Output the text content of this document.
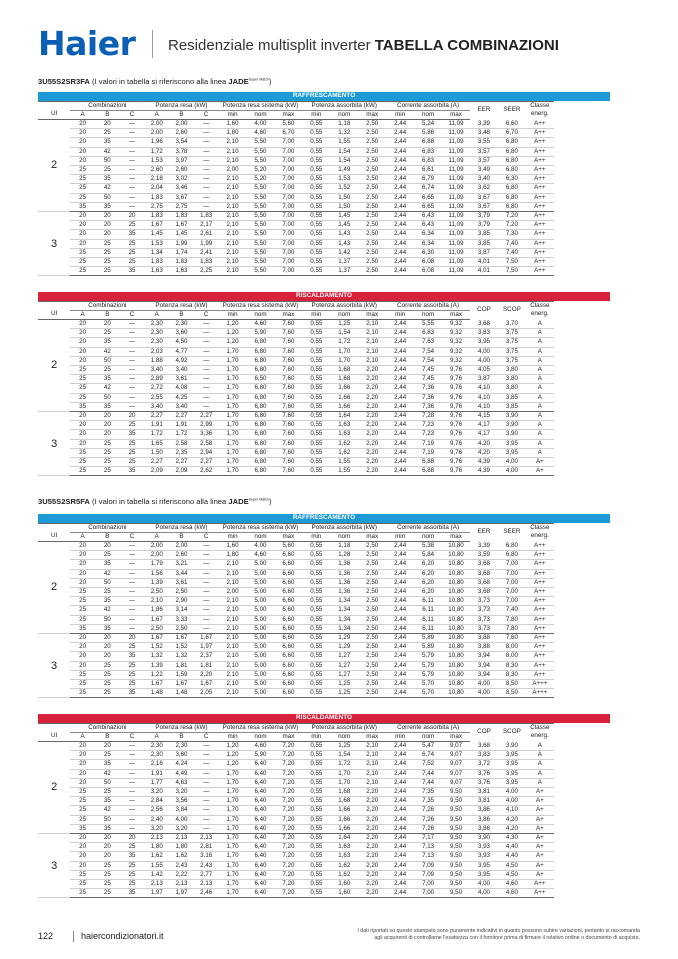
Haier Residenziale multisplit inverter TABELLA COMBINAZIONI
3U55S2SR3FA (I valori in tabella si riferiscono alla linea $JADE^{Super Match}$)
RAFFRESCAMENTO																		
	Combinazioni			Potenza resa (kW)			Potenza resa sistema (kW)			Potenza assorbita (kW)			Corrente assorbita (A)			EER	SEER	Classe
energ.

UI	A	B	C	A	B	C	min	nom	max	min	nom	max	min	nom	max			
2	20	20	—	2,00	2,00	—	1,60	4,00	5,60	0,55	1,18	2,50	2,44	5,24	11,09	3,39	6,60	A++
	20	25	—	2,00	2,60	—	1,80	4,60	6,70	0,55	1,32	2,50	2,44	5,86	11,09	3,48	6,70	A++
	20	35	—	1,96	3,54	—	2,10	5,50	7,00	0,55	1,55	2,50	2,44	6,88	11,09	3,55	6,80	A++
	20	42	—	1,72	3,78	—	2,10	5,50	7,00	0,55	1,54	2,50	2,44	6,83	11,09	3,57	6,80	A++
	20	50	—	1,53	3,97	—	2,10	5,50	7,00	0,55	1,54	2,50	2,44	6,83	11,09	3,57	6,80	A++
	25	25	—	2,60	2,60	—	2,00	5,20	7,00	0,55	1,49	2,50	2,44	6,61	11,09	3,49	6,80	A++
	25	35	—	2,18	3,02	—	2,10	5,20	7,00	0,55	1,53	2,50	2,44	6,79	11,09	3,40	6,30	A++
	25	42	—	2,04	3,46	—	2,10	5,50	7,00	0,55	1,52	2,50	2,44	6,74	11,09	3,62	6,80	A++
	25	50	—	1,83	3,67	—	2,10	5,50	7,00	0,55	1,50	2,50	2,44	6,65	11,09	3,67	6,80	A++
	35	35	—	2,75	2,75	—	2,10	5,50	7,00	0,55	1,50	2,50	2,44	6,65	11,09	3,67	6,80	A++
3	20	20	20	1,83	1,83	1,83	2,10	5,50	7,00	0,55	1,45	2,50	2,44	6,43	11,09	3,79	7,20	A++
	20	20	25	1,67	1,67	2,17	2,10	5,50	7,00	0,55	1,45	2,50	2,44	6,43	11,09	3,79	7,20	A++
	20	20	35	1,45	1,45	2,61	2,10	5,50	7,00	0,55	1,43	2,50	2,44	6,34	11,09	3,85	7,30	A++
	20	25	25	1,53	1,99	1,99	2,10	5,50	7,00	0,55	1,43	2,50	2,44	6,34	11,09	3,85	7,40	A++
	25	25	25	1,34	1,74	2,41	2,10	5,50	7,00	0,55	1,42	2,50	2,44	6,30	11,09	3,87	7,40	A++
	25	25	25	1,83	1,83	1,83	2,10	5,50	7,00	0,55	1,37	2,50	2,44	6,08	11,09	4,01	7,50	A++
	25	25	35	1,63	1,63	2,25	2,10	5,50	7,00	0,55	1,37	2,50	2,44	6,08	11,09	4,01	7,50	A++
RISCALDAMENTO																		
	Combinazioni			Potenza resa (kW)			Potenza resa sistema (kW)			Potenza assorbita (kW)			Corrente assorbita (A)			COP	SCOP	Classe
energ.

UI	A	B	C	A	B	C	min	nom	max	min	nom	max	min	nom	max			
2	20	20	—	2,30	2,30	—	1,20	4,60	7,60	0,55	1,25	2,10	2,44	5,55	9,32	3,68	3,70	A
	20	25	—	2,30	3,60	—	1,20	5,90	7,60	0,55	1,54	2,10	2,44	6,83	9,32	3,83	3,75	A
	20	35	—	2,30	4,50	—	1,20	6,80	7,60	0,55	1,72	2,10	2,44	7,63	9,32	3,95	3,75	A
	20	42	—	2,03	4,77	—	1,70	6,80	7,60	0,55	1,70	2,10	2,44	7,54	9,32	4,00	3,75	A
	20	50	—	1,88	4,92	—	1,70	6,80	7,60	0,55	1,70	2,10	2,44	7,54	9,32	4,00	3,75	A
	25	25	—	3,40	3,40	—	1,70	6,80	7,60	0,55	1,68	2,20	2,44	7,45	9,76	4,05	3,80	A
	25	35	—	2,89	3,61	—	1,70	6,50	7,60	0,55	1,68	2,20	2,44	7,45	9,76	3,87	3,80	A
	25	42	—	2,72	4,08	—	1,70	6,80	7,60	0,55	1,66	2,20	2,44	7,36	9,76	4,10	3,80	A
	25	50	—	2,55	4,25	—	1,70	6,80	7,60	0,55	1,66	2,20	2,44	7,36	9,76	4,10	3,85	A
	35	35	—	3,40	3,40	—	1,70	6,80	7,60	0,55	1,66	2,20	2,44	7,36	9,76	4,10	3,85	A
3	20	20	20	2,27	2,27	2,27	1,70	6,80	7,60	0,55	1,64	2,20	2,44	7,28	9,76	4,15	3,90	A
	20	20	25	1,91	1,91	2,99	1,70	6,80	7,60	0,55	1,63	2,20	2,44	7,23	9,76	4,17	3,90	A
	20	20	35	1,72	1,72	3,36	1,70	6,80	7,60	0,55	1,63	2,20	2,44	7,23	9,76	4,17	3,90	A
	20	25	25	1,65	2,58	2,58	1,70	6,80	7,60	0,55	1,62	2,20	2,44	7,19	9,76	4,20	3,95	A
	25	25	25	1,50	2,35	2,94	1,70	6,80	7,60	0,55	1,62	2,20	2,44	7,19	9,76	4,20	3,95	A
	25	25	25	2,27	2,27	2,27	1,70	6,80	7,60	0,55	1,55	2,20	2,44	6,88	9,76	4,39	4,00	A+
	25	25	35	2,09	2,09	2,62	1,70	6,80	7,60	0,55	1,55	2,20	2,44	6,88	9,76	4,39	4,00	A+
3U55S2SR5FA (I valori in tabella si riferiscono alla linea $JADE^{Super Match}$)
RAFFRESCAMENTO																		
	Combinazioni			Potenza resa (kW)			Potenza resa sistema (kW)			Potenza assorbita (kW)			Corrente assorbita (A)			EER	SEER	Classe
energ.

UI	A	B	C	A	B	C	min	nom	max	min	nom	max	min	nom	max			
2	20	20	—	2,00	2,00	—	1,60	4,00	5,60	0,55	1,18	2,50	2,44	5,38	10,80	3,39	6,80	A++
	20	25	—	2,00	2,60	—	1,80	4,60	6,60	0,55	1,28	2,50	2,44	5,84	10,80	3,59	6,80	A++
	20	35	—	1,79	3,21	—	2,10	5,00	6,60	0,55	1,36	2,50	2,44	6,20	10,80	3,68	7,00	A++
	20	42	—	1,56	3,44	—	2,10	5,00	6,60	0,55	1,36	2,50	2,44	6,20	10,80	3,68	7,00	A++
	20	50	—	1,39	3,61	—	2,10	5,00	6,60	0,55	1,36	2,50	2,44	6,20	10,80	3,68	7,00	A++
	25	25	—	2,50	2,50	—	2,00	5,00	6,60	0,55	1,36	2,50	2,44	6,20	10,80	3,68	7,00	A++
	25	35	—	2,10	2,90	—	2,10	5,00	6,60	0,55	1,34	2,50	2,44	6,11	10,80	3,73	7,00	A++
	25	42	—	1,86	3,14	—	2,10	5,00	6,60	0,55	1,34	2,50	2,44	6,11	10,80	3,73	7,40	A++
	25	50	—	1,67	3,33	—	2,10	5,00	6,60	0,55	1,34	2,50	2,44	6,11	10,80	3,73	7,80	A++
	35	35	—	2,50	2,50	—	2,10	5,00	6,60	0,55	1,34	2,50	2,44	6,11	10,80	3,73	7,80	A++
3	20	20	20	1,67	1,67	1,67	2,10	5,00	6,60	0,55	1,29	2,50	2,44	5,89	10,80	3,88	7,60	A++
	20	20	25	1,52	1,52	1,97	2,10	5,00	6,60	0,55	1,29	2,50	2,44	5,89	10,80	3,88	8,00	A++
	20	20	35	1,32	1,32	2,37	2,10	5,00	6,60	0,55	1,27	2,50	2,44	5,79	10,80	3,94	8,00	A++
	20	25	25	1,39	1,81	1,81	2,10	5,00	6,60	0,55	1,27	2,50	2,44	5,79	10,80	3,94	8,30	A++
	25	25	25	1,22	1,59	2,20	2,10	5,00	6,60	0,55	1,27	2,50	2,44	5,79	10,80	3,94	8,30	A++
	25	25	25	1,67	1,67	1,67	2,10	5,00	6,60	0,55	1,25	2,50	2,44	5,70	10,80	4,00	8,50	A+++
	25	25	35	1,48	1,48	2,05	2,10	5,00	6,60	0,55	1,25	2,50	2,44	5,70	10,80	4,00	8,50	A+++
RISCALDAMENTO																		
	Combinazioni			Potenza resa (kW)			Potenza resa sistema (kW)			Potenza assorbita (kW)			Corrente assorbita (A)			COP	SCOP	Classe
energ.

UI	A	B	C	A	B	C	min	nom	max	min	nom	max	min	nom	max			
2	20	20	—	2,30	2,30	—	1,20	4,60	7,20	0,55	1,25	2,10	2,44	5,47	9,07	3,68	3,90	A
	20	25	—	2,30	3,60	—	1,20	5,90	7,20	0,55	1,54	2,10	2,44	6,74	9,07	3,83	3,95	A
	20	35	—	2,16	4,24	—	1,20	6,40	7,20	0,55	1,72	2,10	2,44	7,52	9,07	3,72	3,95	A
	20	42	—	1,91	4,49	—	1,70	6,40	7,20	0,55	1,70	2,10	2,44	7,44	9,07	3,76	3,95	A
	20	50	—	1,77	4,63	—	1,70	6,40	7,20	0,55	1,70	2,10	2,44	7,44	9,07	3,76	3,95	A
	25	25	—	3,20	3,20	—	1,70	6,40	7,20	0,55	1,68	2,20	2,44	7,35	9,50	3,81	4,00	A+
	25	35	—	2,84	3,56	—	1,70	6,40	7,20	0,55	1,68	2,20	2,44	7,35	9,50	3,81	4,00	A+
	25	42	—	2,56	3,84	—	1,70	6,40	7,20	0,55	1,66	2,20	2,44	7,26	9,50	3,86	4,10	A+
	25	50	—	2,40	4,00	—	1,70	6,40	7,20	0,55	1,66	2,20	2,44	7,26	9,50	3,86	4,20	A+
	35	35	—	3,20	3,20	—	1,70	6,40	7,20	0,55	1,66	2,20	2,44	7,26	9,50	3,86	4,20	A+
3	20	20	20	2,13	2,13	2,13	1,70	6,40	7,20	0,55	1,64	2,20	2,44	7,17	9,50	3,90	4,30	A+
	20	20	25	1,80	1,80	2,81	1,70	6,40	7,20	0,55	1,63	2,20	2,44	7,13	9,50	3,93	4,40	A+
	20	20	35	1,62	1,62	3,16	1,70	6,40	7,20	0,55	1,63	2,20	2,44	7,13	9,50	3,93	4,40	A+
	20	25	25	1,55	2,43	2,43	1,70	6,40	7,20	0,55	1,62	2,20	2,44	7,09	9,50	3,95	4,50	A+
	25	25	25	1,42	2,22	2,77	1,70	6,40	7,20	0,55	1,62	2,20	2,44	7,09	9,50	3,95	4,50	A+
	25	25	25	2,13	2,13	2,13	1,70	6,40	7,20	0,55	1,60	2,20	2,44	7,00	9,50	4,00	4,60	A++
	25	25	35	1,97	1,97	2,46	1,70	6,40	7,20	0,55	1,60	2,20	2,44	7,00	9,50	4,00	4,60	A++
122	haiercondizionatori.it	I dati riportati su questo stampato sono puramente indicativi in quanto possono subire variazioni, pertanto si raccomanda
agli acquirenti di controllarne l'esattezza con il fornitore prima di firmare il relativo ordine o documento di acquisto.
